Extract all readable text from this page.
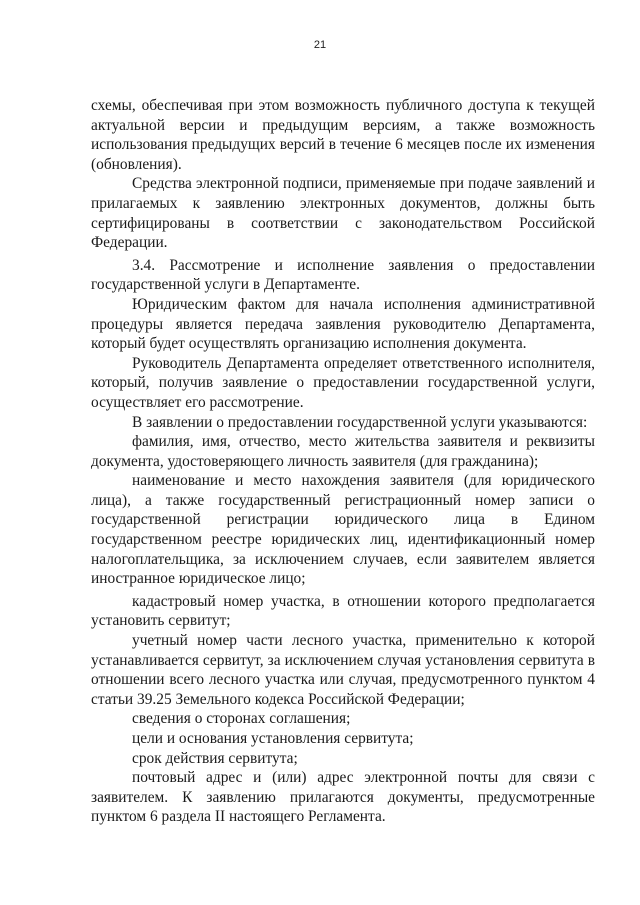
21

схемы, обеспечивая при этом возможность публичного доступа к текущей актуальной версии и предыдущим версиям, а также возможность использования предыдущих версий в течение 6 месяцев после их изменения (обновления).

Средства электронной подписи, применяемые при подаче заявлений и прилагаемых к заявлению электронных документов, должны быть сертифицированы в соответствии с законодательством Российской Федерации.

3.4. Рассмотрение и исполнение заявления о предоставлении государственной услуги в Департаменте.

Юридическим фактом для начала исполнения административной процедуры является передача заявления руководителю Департамента, который будет осуществлять организацию исполнения документа.

Руководитель Департамента определяет ответственного исполнителя, который, получив заявление о предоставлении государственной услуги, осуществляет его рассмотрение.

В заявлении о предоставлении государственной услуги указываются:

фамилия, имя, отчество, место жительства заявителя и реквизиты документа, удостоверяющего личность заявителя (для гражданина);

наименование и место нахождения заявителя (для юридического лица), а также государственный регистрационный номер записи о государственной регистрации юридического лица в Едином государственном реестре юридических лиц, идентификационный номер налогоплательщика, за исключением случаев, если заявителем является иностранное юридическое лицо;

кадастровый номер участка, в отношении которого предполагается установить сервитут;

учетный номер части лесного участка, применительно к которой устанавливается сервитут, за исключением случая установления сервитута в отношении всего лесного участка или случая, предусмотренного пунктом 4 статьи 39.25 Земельного кодекса Российской Федерации;

сведения о сторонах соглашения;

цели и основания установления сервитута;

срок действия сервитута;

почтовый адрес и (или) адрес электронной почты для связи с заявителем. К заявлению прилагаются документы, предусмотренные пунктом 6 раздела II настоящего Регламента.
